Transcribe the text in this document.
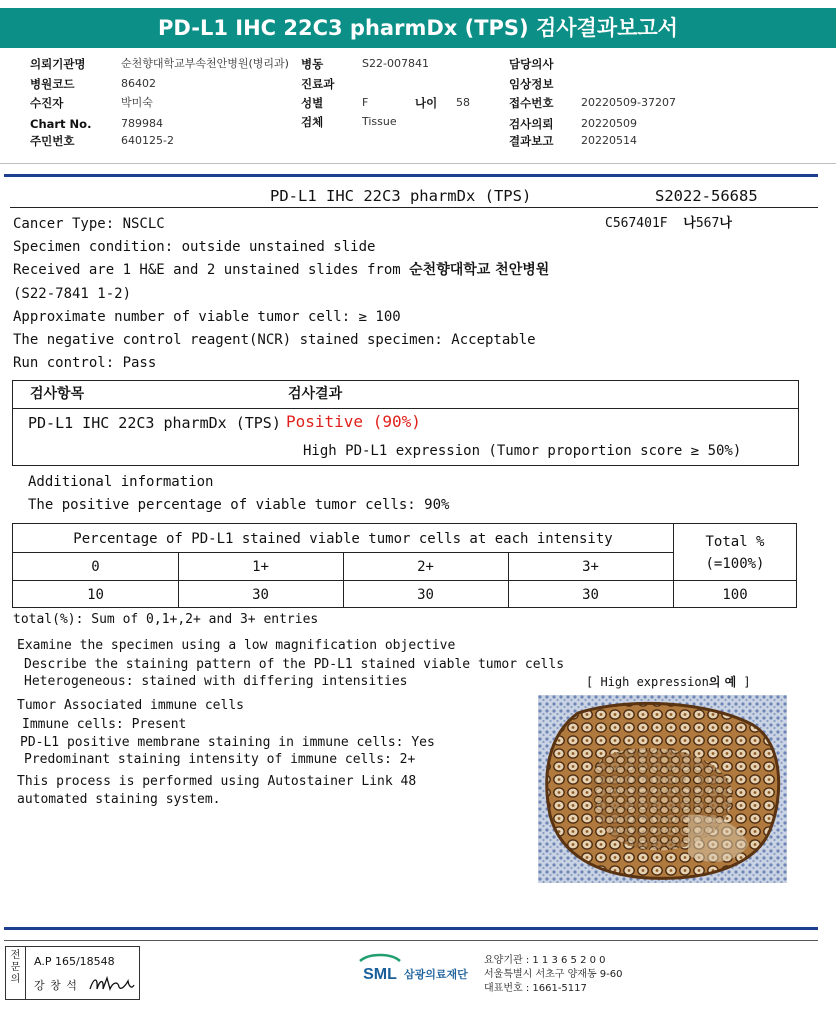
PD-L1 IHC 22C3 pharmDx (TPS) 검사결과보고서
의뢰기관명	순천향대학교부속천안병원(병리과) 병동	S22-007841	담당의사
병원코드	86402	진료과	임상정보
수진자	박미숙	성별	F	나이 58	접수번호	20220509-37207
Chart No.	789984	검체	Tissue	검사의뢰	20220509
주민번호	640125-2	결과보고	20220514
PD-L1 IHC 22C3 pharmDx (TPS)	S2022-56685
Cancer Type: NSCLC	C567401F 나567나
Specimen condition: outside unstained slide
Received are 1 H&E and 2 unstained slides from 순천향대학교 천안병원
(S22-7841 1-2)
Approximate number of viable tumor cell: ≥ 100
The negative control reagent(NCR) stained specimen: Acceptable
Run control: Pass
검사항목	검사결과
PD-L1 IHC 22C3 pharmDx (TPS) Positive (90%)
High PD-L1 expression (Tumor proportion score ≥ 50%)
Additional information
The positive percentage of viable tumor cells: 90%
Percentage of PD-L1 stained viable tumor cells at each intensity	Total %
(=100%)
0	1+	2+	3+
10	30	30	30	100
total(%): Sum of 0,1+,2+ and 3+ entries
Examine the specimen using a low magnification objective
Describe the staining pattern of the PD-L1 stained viable tumor cells
Heterogeneous: stained with differing intensities
Tumor Associated immune cells
Immune cells: Present
PD-L1 positive membrane staining in immune cells: Yes
Predominant staining intensity of immune cells: 2+
This process is performed using Autostainer Link 48
automated staining system.
[ High expression의 예 ]
전문의
A.P 165/18548
강 창 석
SML 삼광의료재단
요양기관 : 1 1 3 6 5 2 0 0
서울특별시 서초구 양재동 9-60
대표번호 : 1661-5117
